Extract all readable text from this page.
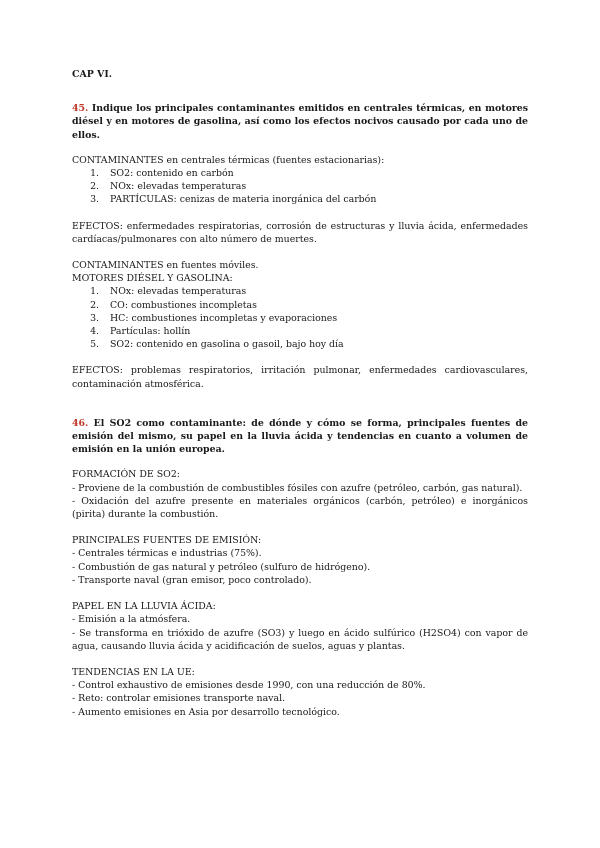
CAP VI.

45. Indique los principales contaminantes emitidos en centrales térmicas, en motores diésel y en motores de gasolina, así como los efectos nocivos causado por cada uno de ellos.

CONTAMINANTES en centrales térmicas (fuentes estacionarias):

1. SO2: contenido en carbón
2. NOx: elevadas temperaturas
3. PARTÍCULAS: cenizas de materia inorgánica del carbón

EFECTOS: enfermedades respiratorias, corrosión de estructuras y lluvia ácida, enfermedades cardíacas/pulmonares con alto número de muertes.

CONTAMINANTES en fuentes móviles.

MOTORES DIÉSEL Y GASOLINA:

1. NOx: elevadas temperaturas
2. CO: combustiones incompletas
3. HC: combustiones incompletas y evaporaciones
4. Partículas: hollín
5. SO2: contenido en gasolina o gasoil, bajo hoy día

EFECTOS: problemas respiratorios, irritación pulmonar, enfermedades cardiovasculares, contaminación atmosférica.

46. El SO2 como contaminante: de dónde y cómo se forma, principales fuentes de emisión del mismo, su papel en la lluvia ácida y tendencias en cuanto a volumen de emisión en la unión europea.

FORMACIÓN DE SO2:

- Proviene de la combustión de combustibles fósiles con azufre (petróleo, carbón, gas natural).

- Oxidación del azufre presente en materiales orgánicos (carbón, petróleo) e inorgánicos (pirita) durante la combustión.

PRINCIPALES FUENTES DE EMISIÓN:

- Centrales térmicas e industrias (75%).

- Combustión de gas natural y petróleo (sulfuro de hidrógeno).

- Transporte naval (gran emisor, poco controlado).

PAPEL EN LA LLUVIA ÁCIDA:

- Emisión a la atmósfera.

- Se transforma en trióxido de azufre (SO3) y luego en ácido sulfúrico (H2SO4) con vapor de agua, causando lluvia ácida y acidificación de suelos, aguas y plantas.

TENDENCIAS EN LA UE:

- Control exhaustivo de emisiones desde 1990, con una reducción de 80%.

- Reto: controlar emisiones transporte naval.

- Aumento emisiones en Asia por desarrollo tecnológico.
